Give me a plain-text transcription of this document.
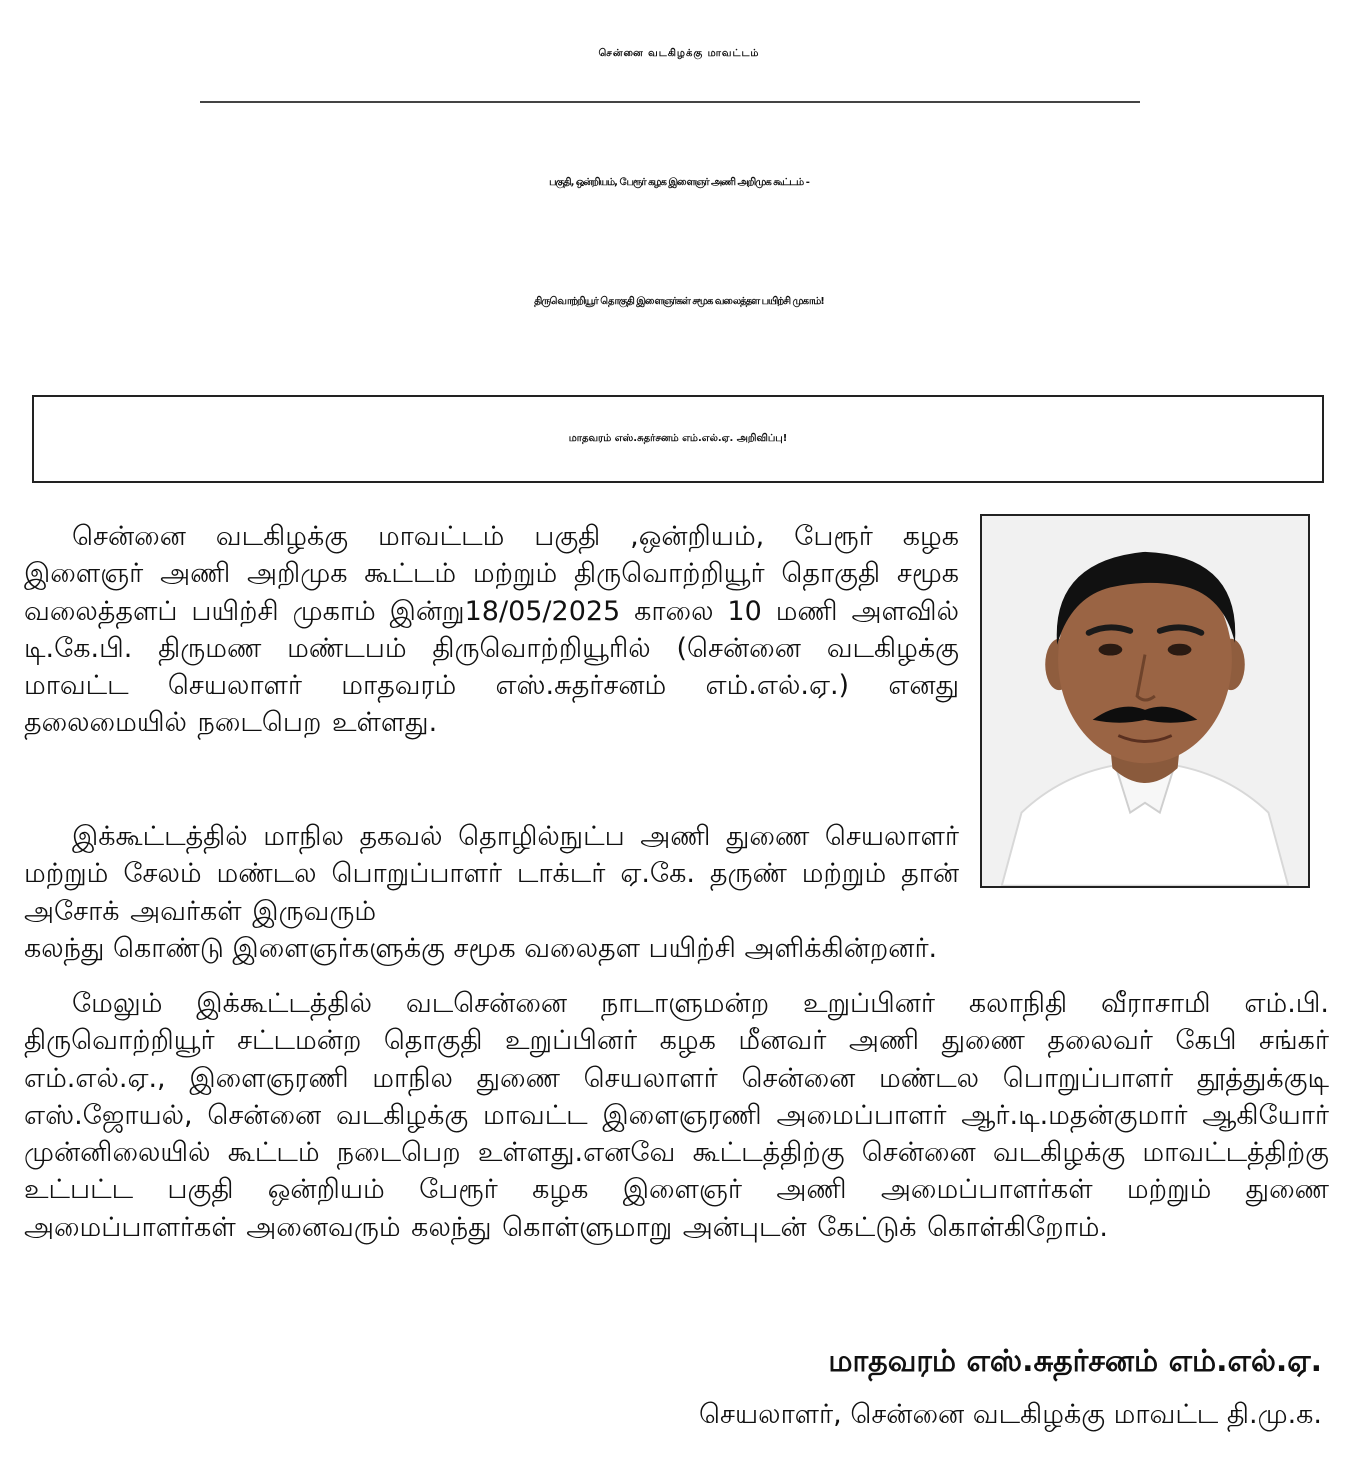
சென்னை வடகிழக்கு மாவட்டம்
பகுதி, ஒன்றியம், பேரூர் கழக இளைஞர் அணி அறிமுக கூட்டம் -
திருவொற்றியூர் தொகுதி இளைஞர்கள் சமூக வலைத்தள பயிற்சி முகாம்!
மாதவரம் எஸ்.சுதர்சனம் எம்.எல்.ஏ. அறிவிப்பு!
சென்னை வடகிழக்கு மாவட்டம் பகுதி ,ஒன்றியம், பேரூர் கழக இளைஞர் அணி அறிமுக கூட்டம் மற்றும் திருவொற்றியூர் தொகுதி சமூக வலைத்தளப் பயிற்சி முகாம் இன்று18/05/2025 காலை 10 மணி அளவில் டி.கே.பி. திருமண மண்டபம் திருவொற்றியூரில் (சென்னை வடகிழக்கு மாவட்ட செயலாளர் மாதவரம் எஸ்.சுதர்சனம் எம்.எல்.ஏ.) எனது தலைமையில் நடைபெற உள்ளது.
இக்கூட்டத்தில் மாநில தகவல் தொழில்நுட்ப அணி துணை செயலாளர் மற்றும் சேலம் மண்டல பொறுப்பாளர் டாக்டர் ஏ.கே. தருண் மற்றும் தான் அசோக் அவர்கள் இருவரும்
கலந்து கொண்டு இளைஞர்களுக்கு சமூக வலைதள பயிற்சி அளிக்கின்றனர்.
மேலும் இக்கூட்டத்தில் வடசென்னை நாடாளுமன்ற உறுப்பினர் கலாநிதி வீராசாமி எம்.பி. திருவொற்றியூர் சட்டமன்ற தொகுதி உறுப்பினர் கழக மீனவர் அணி துணை தலைவர் கேபி சங்கர் எம்.எல்.ஏ., இளைஞரணி மாநில துணை செயலாளர் சென்னை மண்டல பொறுப்பாளர் தூத்துக்குடி எஸ்.ஜோயல், சென்னை வடகிழக்கு மாவட்ட இளைஞரணி அமைப்பாளர் ஆர்.டி.மதன்குமார் ஆகியோர் முன்னிலையில் கூட்டம் நடைபெற உள்ளது.எனவே கூட்டத்திற்கு சென்னை வடகிழக்கு மாவட்டத்திற்கு உட்பட்ட பகுதி ஒன்றியம் பேரூர் கழக இளைஞர் அணி அமைப்பாளர்கள் மற்றும் துணை அமைப்பாளர்கள் அனைவரும் கலந்து கொள்ளுமாறு அன்புடன் கேட்டுக் கொள்கிறோம்.
மாதவரம் எஸ்.சுதர்சனம் எம்.எல்.ஏ.
செயலாளர், சென்னை வடகிழக்கு மாவட்ட தி.மு.க.
